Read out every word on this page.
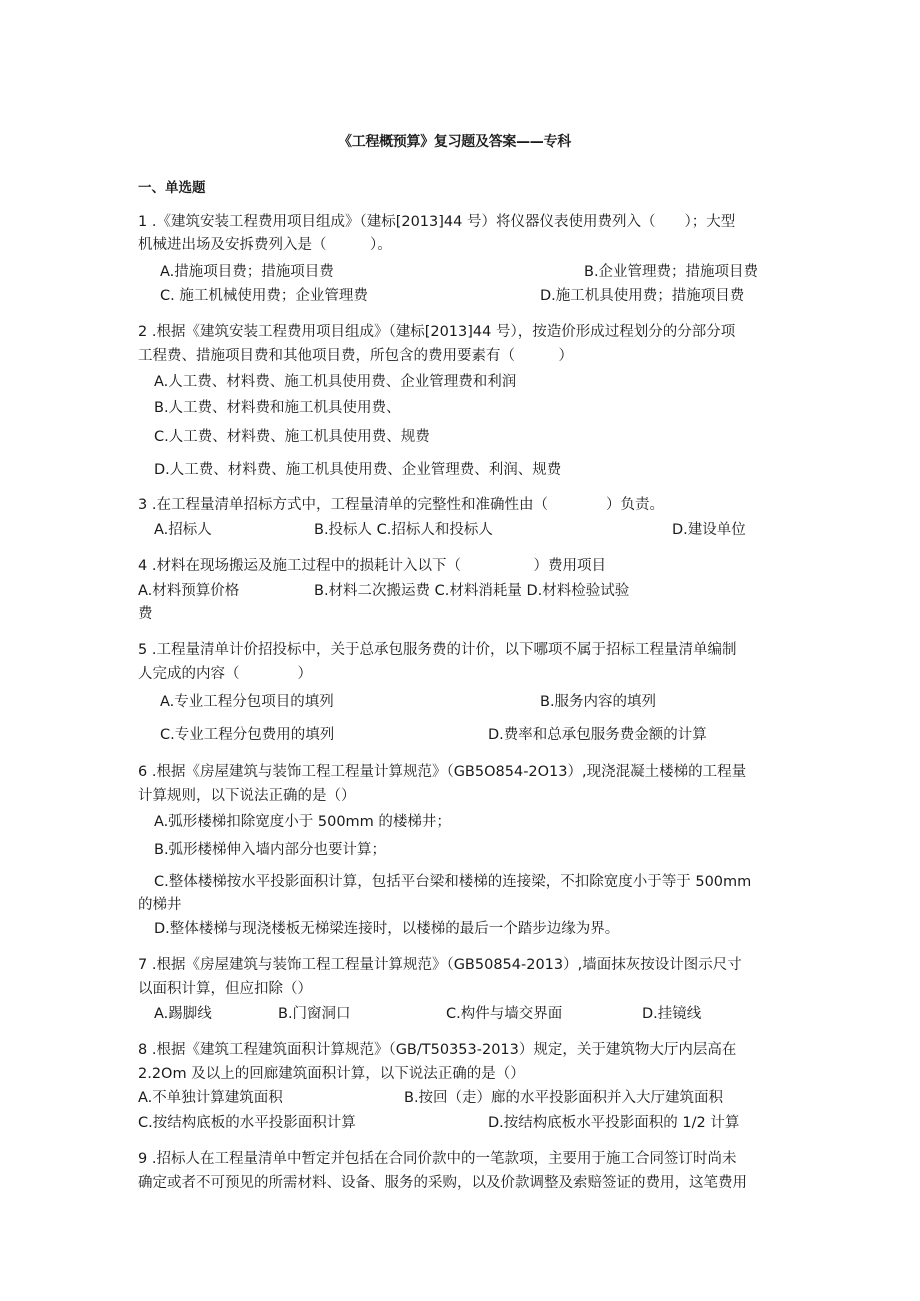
《工程概预算》复习题及答案——专科
一、单选题
1 .《建筑安装工程费用项目组成》（建标[2013]44 号）将仪器仪表使用费列入（　　）；大型
机械进出场及安拆费列入是（　　　）。
A.措施项目费；措施项目费	B.企业管理费；措施项目费
C. 施工机械使用费；企业管理费	D.施工机具使用费；措施项目费
2 .根据《建筑安装工程费用项目组成》（建标[2013]44 号），按造价形成过程划分的分部分项
工程费、措施项目费和其他项目费，所包含的费用要素有（　　　）
A.人工费、材料费、施工机具使用费、企业管理费和利润
B.人工费、材料费和施工机具使用费、
C.人工费、材料费、施工机具使用费、规费
D.人工费、材料费、施工机具使用费、企业管理费、利润、规费
3 .在工程量清单招标方式中，工程量清单的完整性和准确性由（　　　　）负责。
A.招标人	B.投标人 C.招标人和投标人	D.建设单位
4 .材料在现场搬运及施工过程中的损耗计入以下（　　　　　）费用项目
A.材料预算价格	B.材料二次搬运费 C.材料消耗量 D.材料检验试验
费
5 .工程量清单计价招投标中，关于总承包服务费的计价，以下哪项不属于招标工程量清单编制
人完成的内容（　　　　）
A.专业工程分包项目的填列	B.服务内容的填列
C.专业工程分包费用的填列	D.费率和总承包服务费金额的计算
6 .根据《房屋建筑与装饰工程工程量计算规范》（GB5O854-2O13）,现浇混凝土楼梯的工程量
计算规则，以下说法正确的是（）
A.弧形楼梯扣除宽度小于 500mm 的楼梯井；
B.弧形楼梯伸入墙内部分也要计算；
C.整体楼梯按水平投影面积计算，包括平台梁和楼梯的连接梁，不扣除宽度小于等于 500mm
的梯井
D.整体楼梯与现浇楼板无梯梁连接时，以楼梯的最后一个踏步边缘为界。
7 .根据《房屋建筑与装饰工程工程量计算规范》（GB50854-2013）,墙面抹灰按设计图示尺寸
以面积计算，但应扣除（）
A.踢脚线	B.门窗洞口	C.构件与墙交界面	D.挂镜线
8 .根据《建筑工程建筑面积计算规范》（GB/T50353-2013）规定，关于建筑物大厅内层高在
2.2Om 及以上的回廊建筑面积计算，以下说法正确的是（）
A.不单独计算建筑面积	B.按回（走）廊的水平投影面积并入大厅建筑面积
C.按结构底板的水平投影面积计算	D.按结构底板水平投影面积的 1/2 计算
9 .招标人在工程量清单中暂定并包括在合同价款中的一笔款项，主要用于施工合同签订时尚未
确定或者不可预见的所需材料、设备、服务的采购，以及价款调整及索赔签证的费用，这笔费用
